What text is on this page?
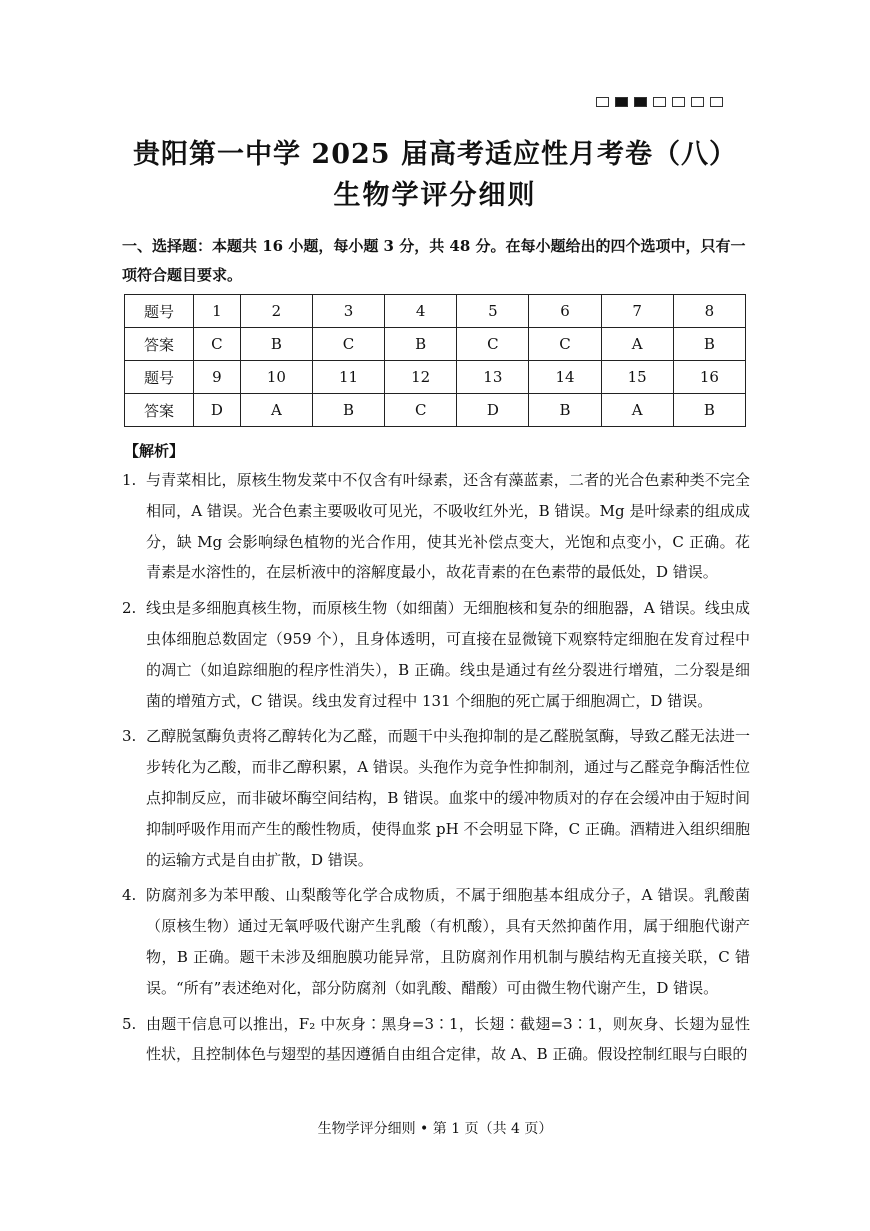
贵阳第一中学 2025 届高考适应性月考卷（八）
生物学评分细则
一、选择题：本题共 16 小题，每小题 3 分，共 48 分。在每小题给出的四个选项中，只有一项符合题目要求。
题号	1	2	3	4	5	6	7	8
答案	C	B	C	B	C	C	A	B
题号	9	10	11	12	13	14	15	16
答案	D	A	B	C	D	B	A	B
【解析】
1. 与青菜相比，原核生物发菜中不仅含有叶绿素，还含有藻蓝素，二者的光合色素种类不完全相同，A 错误。光合色素主要吸收可见光，不吸收红外光，B 错误。Mg 是叶绿素的组成成分，缺 Mg 会影响绿色植物的光合作用，使其光补偿点变大，光饱和点变小，C 正确。花青素是水溶性的，在层析液中的溶解度最小，故花青素的在色素带的最低处，D 错误。
2. 线虫是多细胞真核生物，而原核生物（如细菌）无细胞核和复杂的细胞器，A 错误。线虫成虫体细胞总数固定（959 个），且身体透明，可直接在显微镜下观察特定细胞在发育过程中的凋亡（如追踪细胞的程序性消失），B 正确。线虫是通过有丝分裂进行增殖，二分裂是细菌的增殖方式，C 错误。线虫发育过程中 131 个细胞的死亡属于细胞凋亡，D 错误。
3. 乙醇脱氢酶负责将乙醇转化为乙醛，而题干中头孢抑制的是乙醛脱氢酶，导致乙醛无法进一步转化为乙酸，而非乙醇积累，A 错误。头孢作为竞争性抑制剂，通过与乙醛竞争酶活性位点抑制反应，而非破坏酶空间结构，B 错误。血浆中的缓冲物质对的存在会缓冲由于短时间抑制呼吸作用而产生的酸性物质，使得血浆 pH 不会明显下降，C 正确。酒精进入组织细胞的运输方式是自由扩散，D 错误。
4. 防腐剂多为苯甲酸、山梨酸等化学合成物质，不属于细胞基本组成分子，A 错误。乳酸菌（原核生物）通过无氧呼吸代谢产生乳酸（有机酸），具有天然抑菌作用，属于细胞代谢产物，B 正确。题干未涉及细胞膜功能异常，且防腐剂作用机制与膜结构无直接关联，C 错误。“所有”表述绝对化，部分防腐剂（如乳酸、醋酸）可由微生物代谢产生，D 错误。
5. 由题干信息可以推出，F₂ 中灰身∶黑身=3∶1，长翅∶截翅=3∶1，则灰身、长翅为显性性状，且控制体色与翅型的基因遵循自由组合定律，故 A、B 正确。假设控制红眼与白眼的
生物学评分细则 • 第 1 页（共 4 页）
